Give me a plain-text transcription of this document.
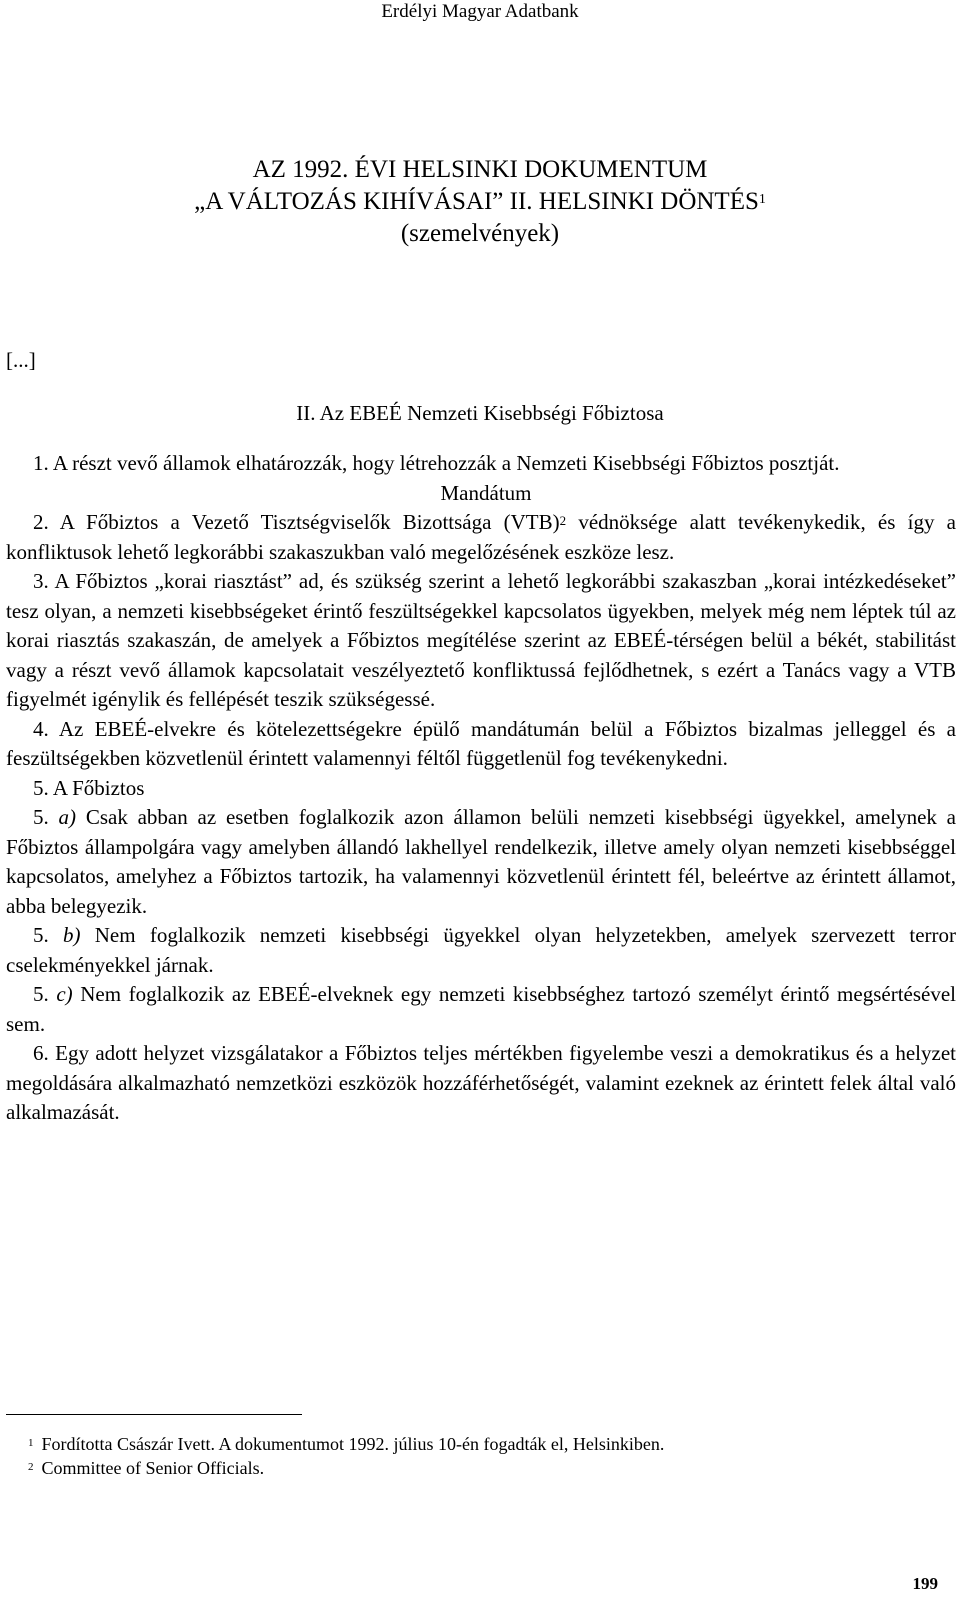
Erdélyi Magyar Adatbank
AZ 1992. ÉVI HELSINKI DOKUMENTUM
„A VÁLTOZÁS KIHÍVÁSAI” II. HELSINKI DÖNTÉS$^1$
(szemelvények)
[...]
II. Az EBEÉ Nemzeti Kisebbségi Főbiztosa

1. A részt vevő államok elhatározzák, hogy létrehozzák a Nemzeti Kisebbségi Főbiztos posztját.

Mandátum

2. A Főbiztos a Vezető Tisztségviselők Bizottsága (VTB)$^2$ védnöksége alatt tevékenykedik, és így a konfliktusok lehető legkorábbi szakaszukban való megelőzésének eszköze lesz.

3. A Főbiztos „korai riasztást” ad, és szükség szerint a lehető legkorábbi szakaszban „korai intézkedéseket” tesz olyan, a nemzeti kisebbségeket érintő feszültségekkel kapcsolatos ügyekben, melyek még nem léptek túl az korai riasztás szakaszán, de amelyek a Főbiztos megítélése szerint az EBEÉ-térségen belül a békét, stabilitást vagy a részt vevő államok kapcsolatait veszélyeztető konfliktussá fejlődhetnek, s ezért a Tanács vagy a VTB figyelmét igénylik és fellépését teszik szükségessé.

4. Az EBEÉ-elvekre és kötelezettségekre épülő mandátumán belül a Főbiztos bizalmas jelleggel és a feszültségekben közvetlenül érintett valamennyi féltől függetlenül fog tevékenykedni.

5. A Főbiztos

5. a) Csak abban az esetben foglalkozik azon államon belüli nemzeti kisebbségi ügyekkel, amelynek a Főbiztos állampolgára vagy amelyben állandó lakhellyel rendelkezik, illetve amely olyan nemzeti kisebbséggel kapcsolatos, amelyhez a Főbiztos tartozik, ha valamennyi közvetlenül érintett fél, beleértve az érintett államot, abba belegyezik.

5. b) Nem foglalkozik nemzeti kisebbségi ügyekkel olyan helyzetekben, amelyek szervezett terror cselekményekkel járnak.

5. c) Nem foglalkozik az EBEÉ-elveknek egy nemzeti kisebbséghez tartozó személyt érintő megsértésével sem.

6. Egy adott helyzet vizsgálatakor a Főbiztos teljes mértékben figyelembe veszi a demokratikus és a helyzet megoldására alkalmazható nemzetközi eszközök hozzáférhetőségét, valamint ezeknek az érintett felek által való alkalmazását.

$^1$ Fordította Császár Ivett. A dokumentumot 1992. július 10-én fogadták el, Helsinkiben.
$^2$ Committee of Senior Officials.
199
